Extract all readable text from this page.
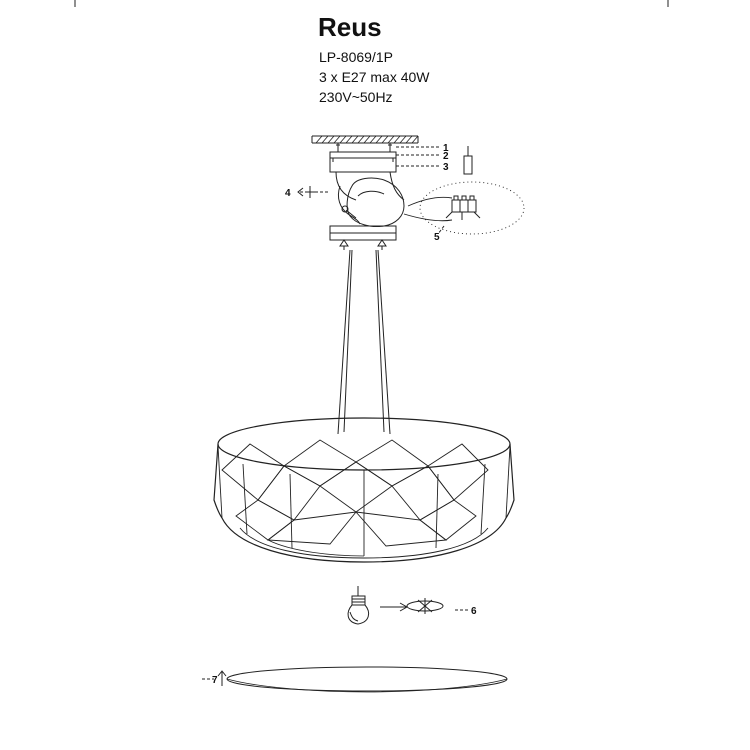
Reus
LP-8069/1P
3 x E27 max 40W
230V~50Hz
1
2
3
4
5
6
7
